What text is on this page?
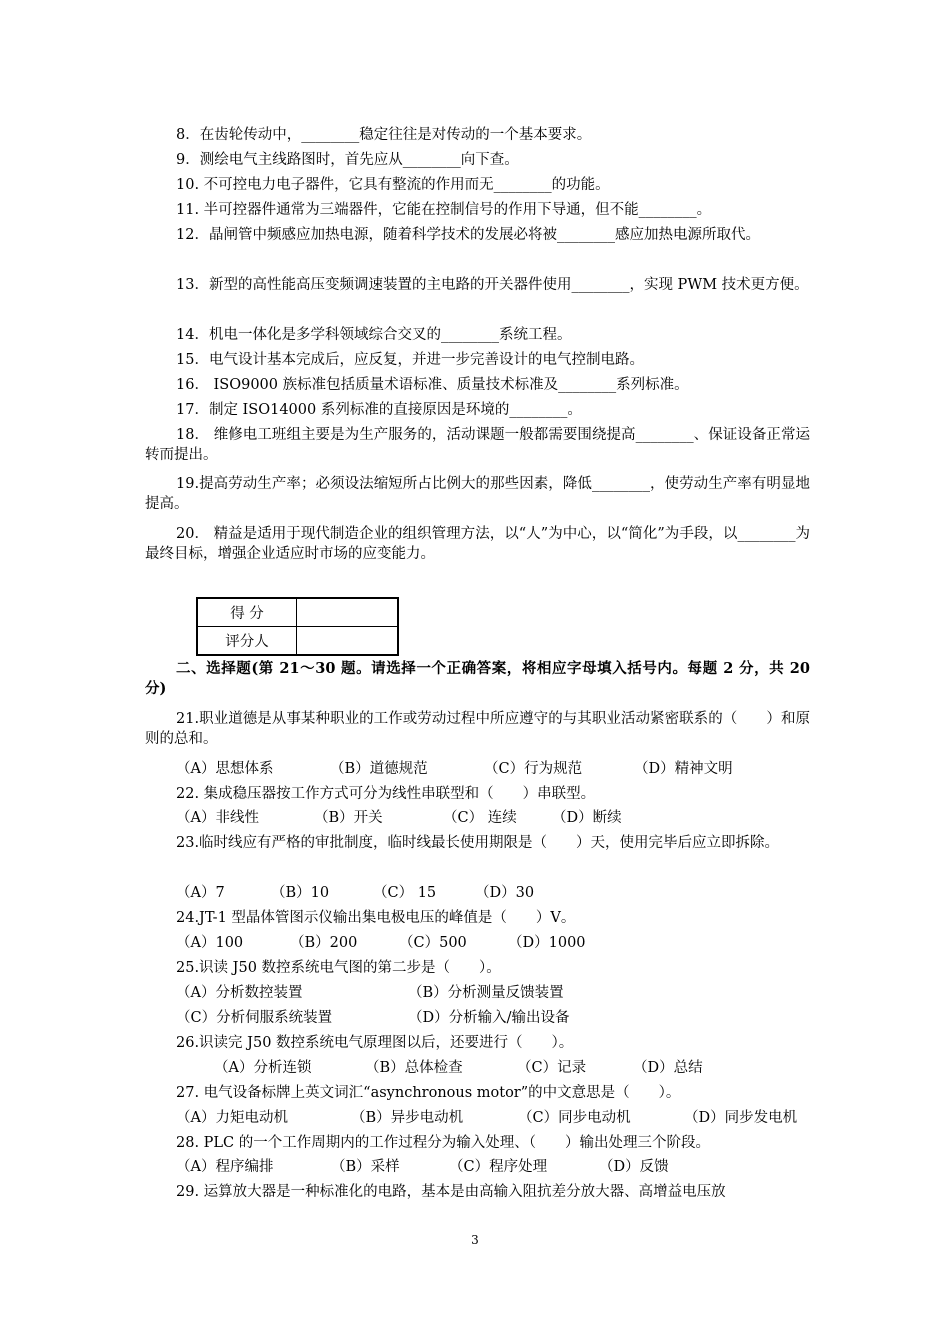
8．在齿轮传动中，________稳定往往是对传动的一个基本要求。
9．测绘电气主线路图时，首先应从________向下查。
10. 不可控电力电子器件，它具有整流的作用而无________的功能。
11. 半可控器件通常为三端器件，它能在控制信号的作用下导通，但不能________。
12．晶闸管中频感应加热电源，随着科学技术的发展必将被________感应加热电源所取代。
13．新型的高性能高压变频调速装置的主电路的开关器件使用________，实现 PWM 技术更方便。
14．机电一体化是多学科领域综合交叉的________系统工程。
15．电气设计基本完成后，应反复，并进一步完善设计的电气控制电路。
16． ISO9000 族标准包括质量术语标准、质量技术标准及________系列标准。
17．制定 ISO14000 系列标准的直接原因是环境的________。
18． 维修电工班组主要是为生产服务的，活动课题一般都需要围绕提高________、保证设备正常运转而提出。
19.提高劳动生产率；必须设法缩短所占比例大的那些因素，降低________，使劳动生产率有明显地提高。
20． 精益是适用于现代制造企业的组织管理方法，以“人”为中心，以“简化”为手段，以________为最终目标，增强企业适应时市场的应变能力。
得 分	
评分人	
二、选择题(第 21～30 题。请选择一个正确答案，将相应字母填入括号内。每题 2 分，共 20 分)
21.职业道德是从事某种职业的工作或劳动过程中所应遵守的与其职业活动紧密联系的（　　）和原则的总和。
（A）思想体系	（B）道德规范	（C）行为规范	（D）精神文明
22. 集成稳压器按工作方式可分为线性串联型和（　　）串联型。
（A）非线性	（B）开关	（C） 连续 （D）断续
23.临时线应有严格的审批制度，临时线最长使用期限是（　　）天，使用完毕后应立即拆除。
（A）7	（B）10	（C） 15	（D）30
24.JT-1 型晶体管图示仪输出集电极电压的峰值是（　　）V。
（A）100	（B）200	（C）500	（D）1000
25.识读 J50 数控系统电气图的第二步是（　　）。
（A）分析数控装置	（B）分析测量反馈装置
（C）分析伺服系统装置	（D）分析输入/输出设备
26.识读完 J50 数控系统电气原理图以后，还要进行（　　）。
（A）分析连锁	（B）总体检查	（C）记录	（D）总结
27. 电气设备标牌上英文词汇“asynchronous motor”的中文意思是（　　）。
（A）力矩电动机	（B）异步电动机	（C）同步电动机	（D）同步发电机
28. PLC 的一个工作周期内的工作过程分为输入处理、（　　）输出处理三个阶段。
（A）程序编排	（B）采样	（C）程序处理	（D）反馈
29. 运算放大器是一种标准化的电路，基本是由高输入阻抗差分放大器、高增益电压放
3
